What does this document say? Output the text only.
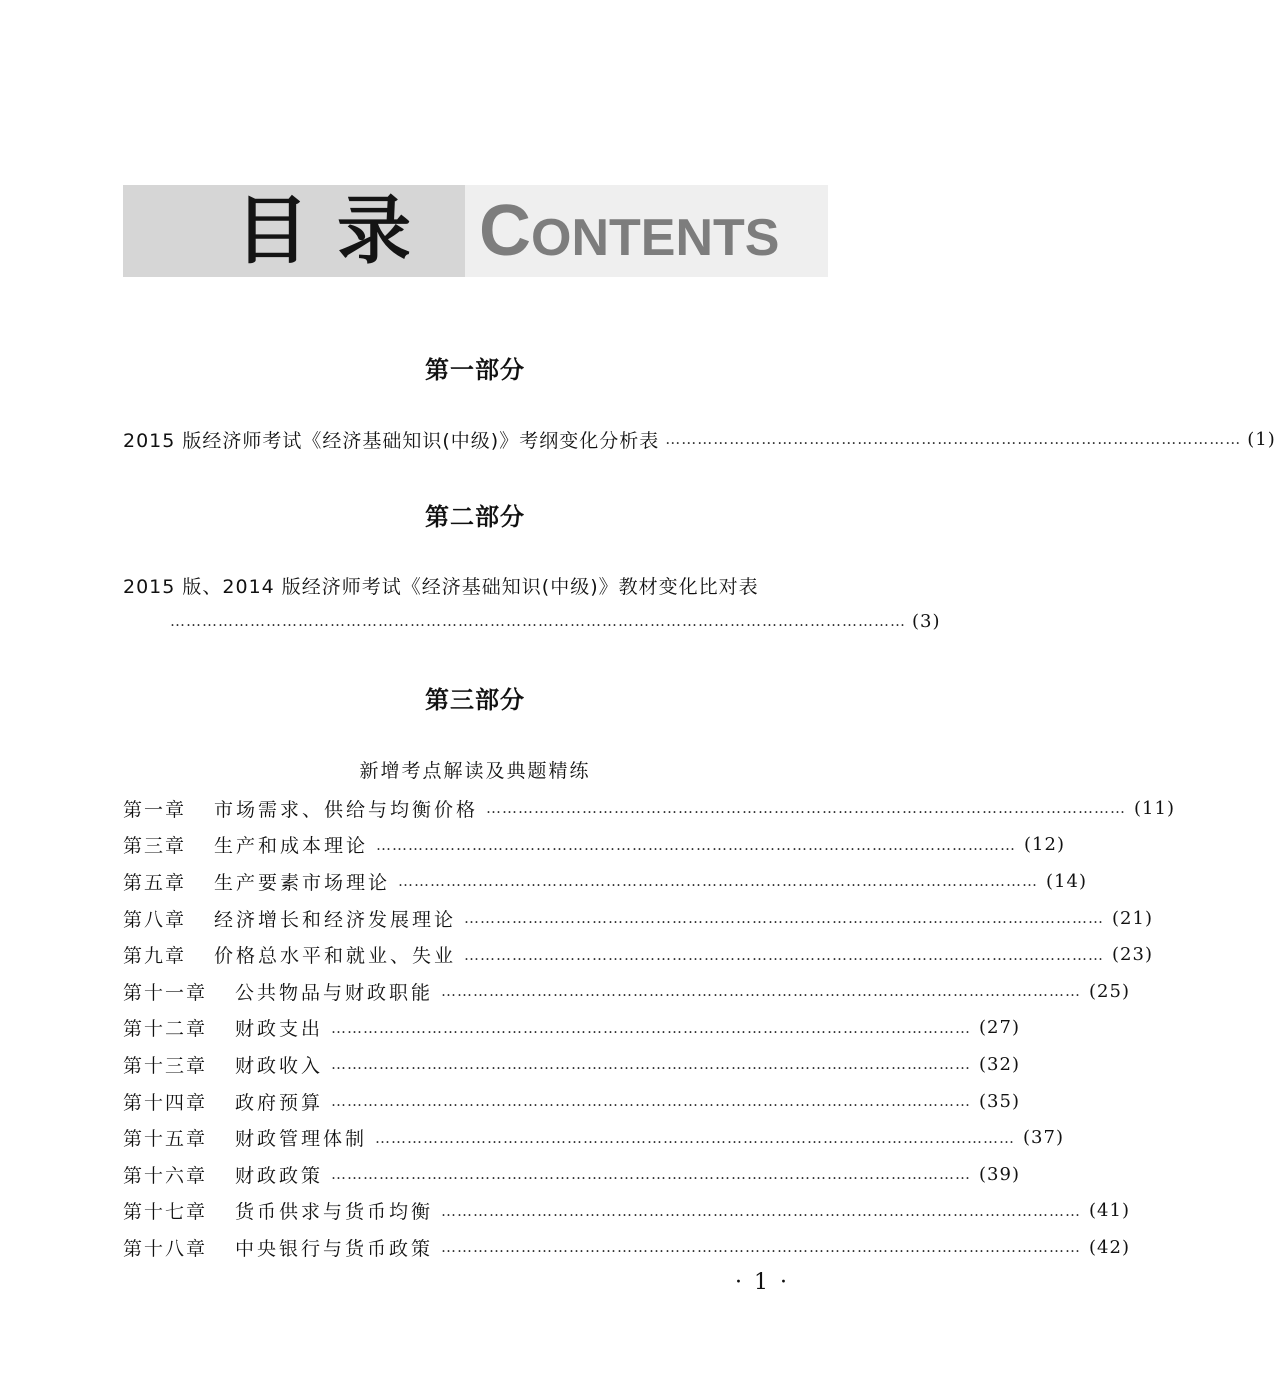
目录 CONTENTS
第一部分
2015 版经济师考试《经济基础知识(中级)》考纲变化分析表 ……………………………………………………………………………………………… (1)
第二部分
2015 版、2014 版经济师考试《经济基础知识(中级)》教材变化比对表
………………………………………………………………………………………………………………………… (3)
第三部分
新增考点解读及典题精练
第一章 市场需求、供给与均衡价格 ………………………………………………………………………………………………………… (11)
第三章 生产和成本理论 ………………………………………………………………………………………………………… (12)
第五章 生产要素市场理论 ………………………………………………………………………………………………………… (14)
第八章 经济增长和经济发展理论 ………………………………………………………………………………………………………… (21)
第九章 价格总水平和就业、失业 ………………………………………………………………………………………………………… (23)
第十一章 公共物品与财政职能 ………………………………………………………………………………………………………… (25)
第十二章 财政支出 ………………………………………………………………………………………………………… (27)
第十三章 财政收入 ………………………………………………………………………………………………………… (32)
第十四章 政府预算 ………………………………………………………………………………………………………… (35)
第十五章 财政管理体制 ………………………………………………………………………………………………………… (37)
第十六章 财政政策 ………………………………………………………………………………………………………… (39)
第十七章 货币供求与货币均衡 ………………………………………………………………………………………………………… (41)
第十八章 中央银行与货币政策 ………………………………………………………………………………………………………… (42)
·1·
